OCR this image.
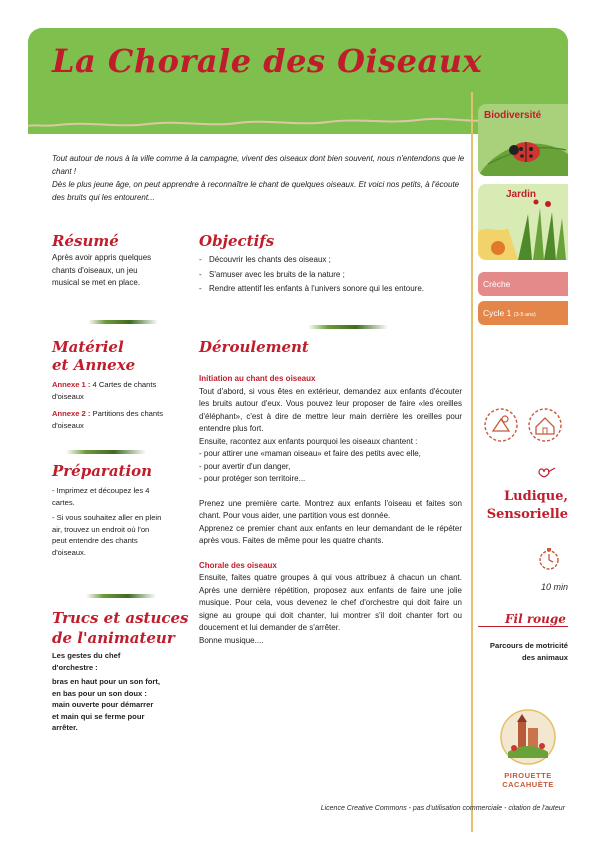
La Chorale des Oiseaux

Tout autour de nous à la ville comme à la campagne, vivent des oiseaux dont bien souvent, nous n'entendons que le chant !

Dès le plus jeune âge, on peut apprendre à reconnaître le chant de quelques oiseaux. Et voici nos petits, à l'écoute des bruits qui les entourent...

Résumé
Après avoir appris quelques chants d'oiseaux, un jeu musical se met en place.
Matériel
et Annexe
Annexe 1 : 4 Cartes de chants d'oiseaux
Annexe 2 : Partitions des chants d'oiseaux
Préparation
- Imprimez et découpez les 4 cartes.
- Si vous souhaitez aller en plein air, trouvez un endroit où l'on peut entendre des chants d'oiseaux.
Trucs et astuces
de l'animateur
Les gestes du chef d'orchestre :
bras en haut pour un son fort, en bas pour un son doux : main ouverte pour démarrer et main qui se ferme pour arrêter.
Objectifs
- Découvrir les chants des oiseaux ;
- S'amuser avec les bruits de la nature ;
- Rendre attentif les enfants à l'univers sonore qui les entoure.
Déroulement

Initiation au chant des oiseaux

Tout d'abord, si vous êtes en extérieur, demandez aux enfants d'écouter les bruits autour d'eux. Vous pouvez leur proposer de faire «les oreilles d'éléphant», c'est à dire de mettre leur main derrière les oreilles pour entendre plus fort.

Ensuite, racontez aux enfants pourquoi les oiseaux chantent :

- pour attirer une «maman oiseau» et faire des petits avec elle,

- pour avertir d'un danger,

- pour protéger son territoire...

Prenez une première carte. Montrez aux enfants l'oiseau et faites son chant. Pour vous aider, une partition vous est donnée.

Apprenez ce premier chant aux enfants en leur demandant de le répéter après vous. Faites de même pour les quatre chants.

Chorale des oiseaux

Ensuite, faites quatre groupes à qui vous attribuez à chacun un chant. Après une dernière répétition, proposez aux enfants de faire une jolie musique. Pour cela, vous devenez le chef d'orchestre qui doit faire un signe au groupe qui doit chanter, lui montrer s'il doit chanter fort ou doucement et lui demander de s'arrêter.

Bonne musique....

Biodiversité
Jardin
Crèche
Cycle 1 (3-5 ans)
Ludique,
Sensorielle
10 min
Fil rouge
Parcours de motricité des animaux
PIROUETTE
CACAHUÈTE
Licence Creative Commons - pas d'utilisation commerciale - citation de l'auteur
